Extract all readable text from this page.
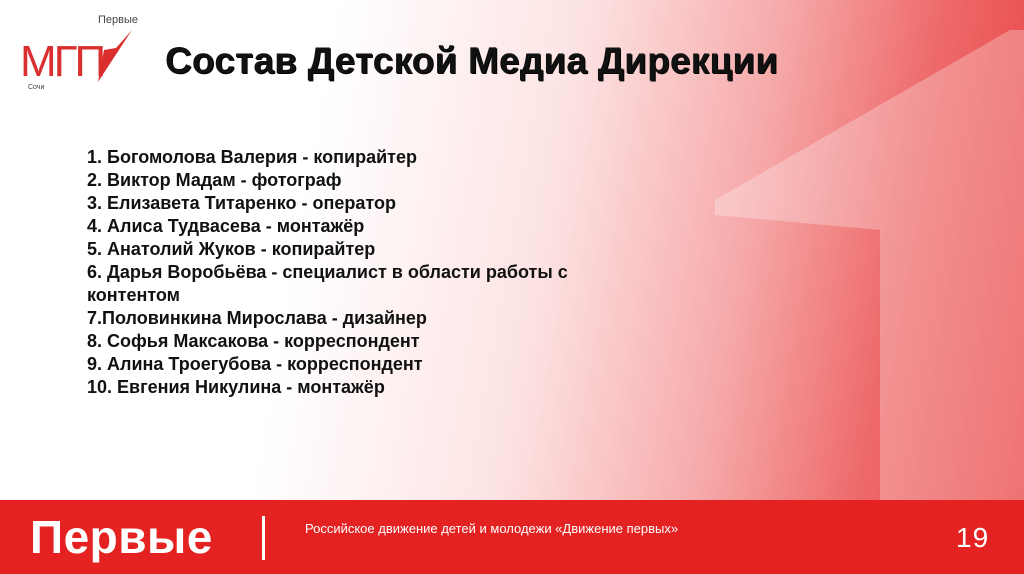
Первые
МГП
Сочи
Состав Детской Медиа Дирекции
1. Богомолова Валерия - копирайтер
2. Виктор Мадам - фотограф
3. Елизавета Титаренко - оператор
4. Алиса Тудвасева - монтажёр
5. Анатолий Жуков - копирайтер
6. Дарья Воробьёва - специалист в области работы с контентом
7.Половинкина Мирослава - дизайнер
8. Софья Максакова - корреспондент
9. Алина Троегубова - корреспондент
10. Евгения Никулина - монтажёр
Первые	Российское движение детей и молодежи «Движение первых»	19
